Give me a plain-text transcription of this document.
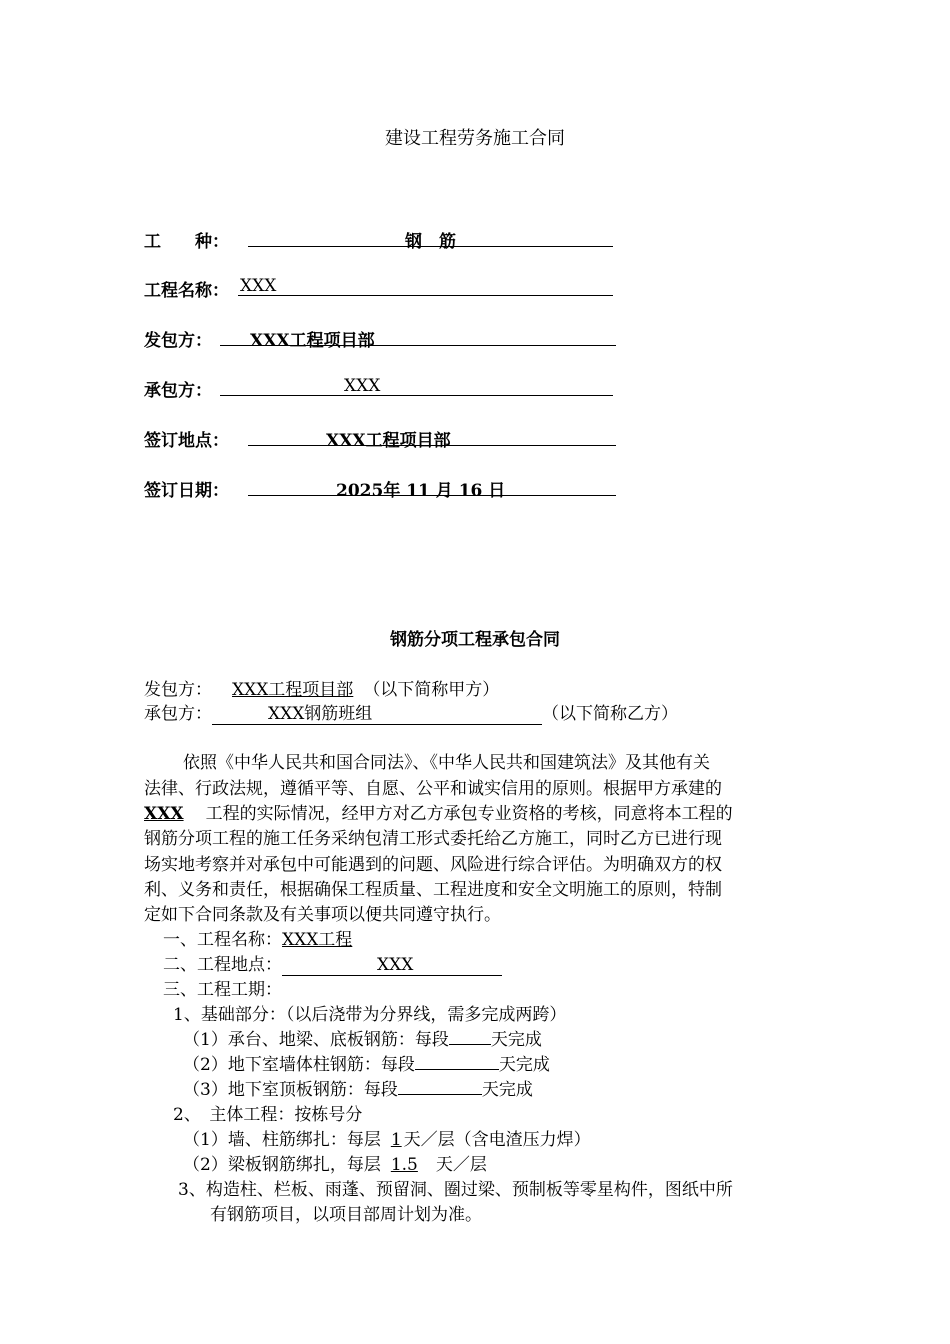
建设工程劳务施工合同
工　　种：	钢　筋
工程名称： XXX
发包方： XXX工程项目部
承包方：	XXX
签订地点：	XXX工程项目部
签订日期：	2025年 11 月 16 日
钢筋分项工程承包合同
发包方： XXX工程项目部 （以下简称甲方）
承包方：	XXX钢筋班组	（以下简称乙方）
依照《中华人民共和国合同法》、《中华人民共和国建筑法》及其他有关
法律、行政法规，遵循平等、自愿、公平和诚实信用的原则。根据甲方承建的
XXX 工程的实际情况，经甲方对乙方承包专业资格的考核，同意将本工程的
钢筋分项工程的施工任务采纳包清工形式委托给乙方施工，同时乙方已进行现
场实地考察并对承包中可能遇到的问题、风险进行综合评估。为明确双方的权
利、义务和责任，根据确保工程质量、工程进度和安全文明施工的原则，特制
定如下合同条款及有关事项以便共同遵守执行。
一、工程名称：XXX工程
二、工程地点：	XXX
三、工程工期：
1、基础部分：（以后浇带为分界线，需多完成两跨）
（1）承台、地梁、底板钢筋：每段 天完成
（2）地下室墙体柱钢筋：每段	天完成
（3）地下室顶板钢筋：每段	天完成
2、　主体工程：按栋号分
（1）墙、柱筋绑扎：每层 1 天／层（含电渣压力焊）
（2）梁板钢筋绑扎，每层 1.5 天／层
3、构造柱、栏板、雨蓬、预留洞、圈过梁、预制板等零星构件，图纸中所
有钢筋项目，以项目部周计划为准。
